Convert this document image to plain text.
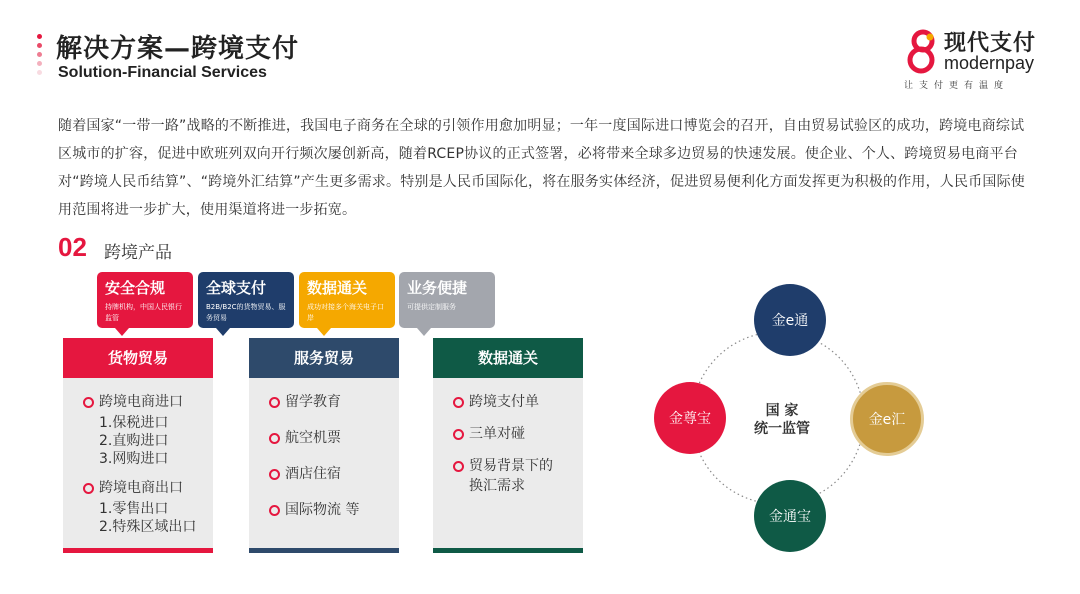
解决方案—跨境支付
Solution-Financial Services
现代支付
modernpay
让支付更有温度

随着国家“一带一路”战略的不断推进，我国电子商务在全球的引领作用愈加明显；一年一度国际进口博览会的召开，自由贸易试验区的成功，跨境电商综试区城市的扩容，促进中欧班列双向开行频次屡创新高，随着RCEP协议的正式签署，必将带来全球多边贸易的快速发展。使企业、个人、跨境贸易电商平台对“跨境人民币结算”、“跨境外汇结算”产生更多需求。特别是人民币国际化，将在服务实体经济，促进贸易便利化方面发挥更为积极的作用，人民币国际使用范围将进一步扩大，使用渠道将进一步拓宽。

02 跨境产品
安全合规
持牌机构，中国人民银行监管
全球支付
B2B/B2C的货物贸易、服务贸易
数据通关
成功对接多个海关电子口岸
业务便捷
可提供定制服务
货物贸易
跨境电商进口
1.保税进口
2.直购进口
3.网购进口
跨境电商出口
1.零售出口
2.特殊区域出口
服务贸易
留学教育
航空机票
酒店住宿
国际物流 等
数据通关
跨境支付单
三单对碰
贸易背景下的换汇需求
金e通
金尊宝	金e汇
金通宝
国 家
统一监管
